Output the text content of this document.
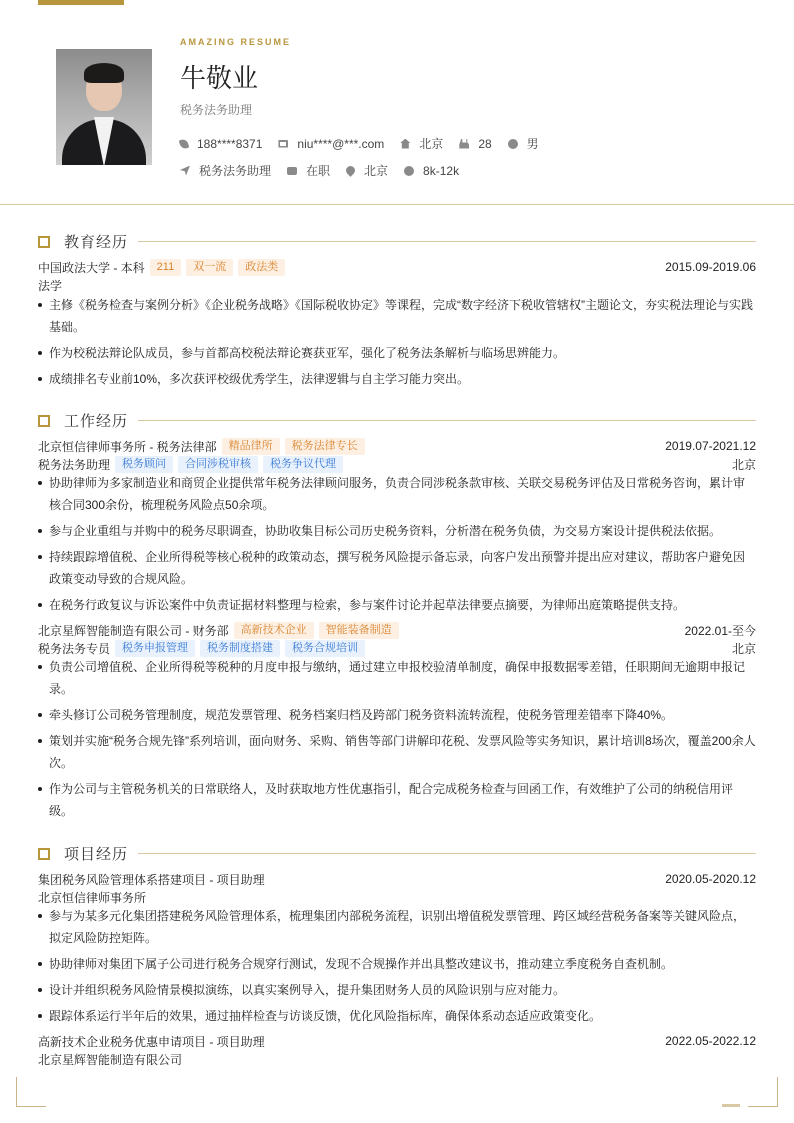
AMAZING RESUME
牛敬业
税务法务助理
188****8371	niu****@***.com	北京	28	男
税务法务助理	在职	北京	8k-12k
教育经历
中国政法大学 - 本科	211	双一流	政法类	2015.09-2019.06
法学
主修《税务检查与案例分析》《企业税务战略》《国际税收协定》等课程，完成“数字经济下税收管辖权”主题论文，夯实税法理论与实践基础。
作为校税法辩论队成员，参与首都高校税法辩论赛获亚军，强化了税务法条解析与临场思辨能力。
成绩排名专业前10%，多次获评校级优秀学生，法律逻辑与自主学习能力突出。
工作经历
北京恒信律师事务所 - 税务法律部	精品律所	税务法律专长	2019.07-2021.12
税务法务助理	税务顾问	合同涉税审核	税务争议代理	北京
协助律师为多家制造业和商贸企业提供常年税务法律顾问服务，负责合同涉税条款审核、关联交易税务评估及日常税务咨询，累计审核合同300余份，梳理税务风险点50余项。
参与企业重组与并购中的税务尽职调查，协助收集目标公司历史税务资料，分析潜在税务负债，为交易方案设计提供税法依据。
持续跟踪增值税、企业所得税等核心税种的政策动态，撰写税务风险提示备忘录，向客户发出预警并提出应对建议，帮助客户避免因政策变动导致的合规风险。
在税务行政复议与诉讼案件中负责证据材料整理与检索，参与案件讨论并起草法律要点摘要，为律师出庭策略提供支持。
北京星辉智能制造有限公司 - 财务部	高新技术企业	智能装备制造	2022.01-至今
税务法务专员	税务申报管理	税务制度搭建	税务合规培训	北京
负责公司增值税、企业所得税等税种的月度申报与缴纳，通过建立申报校验清单制度，确保申报数据零差错，任职期间无逾期申报记录。
牵头修订公司税务管理制度，规范发票管理、税务档案归档及跨部门税务资料流转流程，使税务管理差错率下降40%。
策划并实施“税务合规先锋”系列培训，面向财务、采购、销售等部门讲解印花税、发票风险等实务知识，累计培训8场次，覆盖200余人次。
作为公司与主管税务机关的日常联络人，及时获取地方性优惠指引，配合完成税务检查与回函工作，有效维护了公司的纳税信用评级。
项目经历
集团税务风险管理体系搭建项目 - 项目助理	2020.05-2020.12
北京恒信律师事务所
参与为某多元化集团搭建税务风险管理体系，梳理集团内部税务流程，识别出增值税发票管理、跨区域经营税务备案等关键风险点，拟定风险防控矩阵。
协助律师对集团下属子公司进行税务合规穿行测试，发现不合规操作并出具整改建议书，推动建立季度税务自查机制。
设计并组织税务风险情景模拟演练，以真实案例导入，提升集团财务人员的风险识别与应对能力。
跟踪体系运行半年后的效果，通过抽样检查与访谈反馈，优化风险指标库，确保体系动态适应政策变化。
高新技术企业税务优惠申请项目 - 项目助理	2022.05-2022.12
北京星辉智能制造有限公司
